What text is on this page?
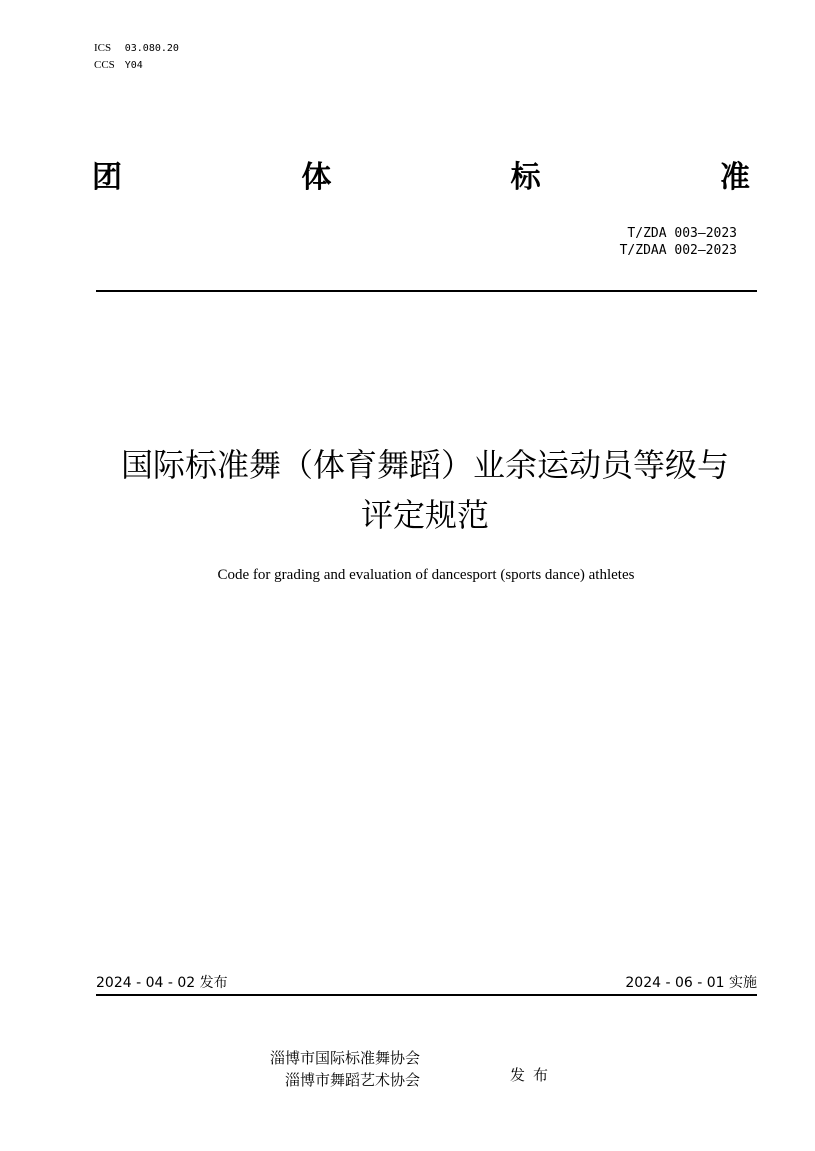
ICS 03.080.20
CCS Y04
团	体	标	准
T/ZDA 003—2023
T/ZDAA 002—2023
国际标准舞（体育舞蹈）业余运动员等级与
评定规范
Code for grading and evaluation of dancesport (sports dance) athletes
2024 - 04 - 02 发布	2024 - 06 - 01 实施
淄博市国际标准舞协会
淄博市舞蹈艺术协会	发布
